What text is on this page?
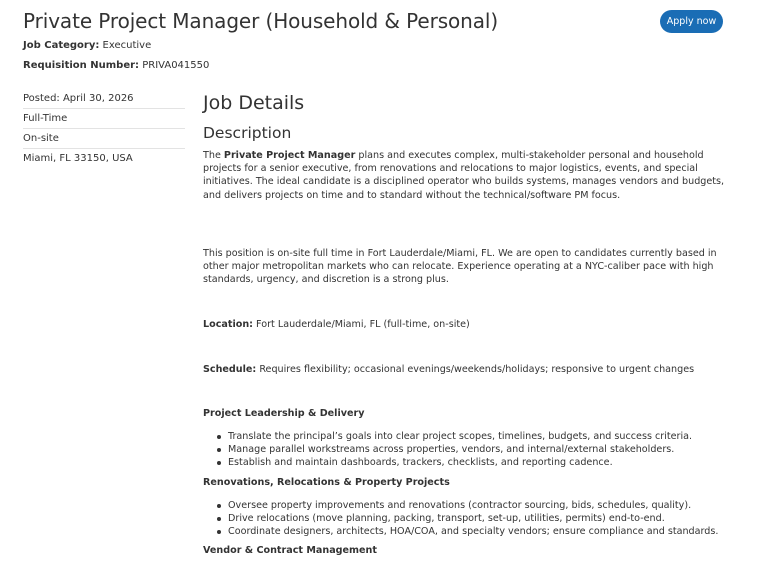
Private Project Manager (Household & Personal)	Apply now
Job Category: Executive
Requisition Number: PRIVA041550
Posted: April 30, 2026
Full-Time
On-site
Miami, FL 33150, USA
Job Details
Description

The Private Project Manager plans and executes complex, multi-stakeholder personal and household projects for a senior executive, from renovations and relocations to major logistics, events, and special initiatives. The ideal candidate is a disciplined operator who builds systems, manages vendors and budgets, and delivers projects on time and to standard without the technical/software PM focus.

This position is on-site full time in Fort Lauderdale/Miami, FL. We are open to candidates currently based in other major metropolitan markets who can relocate. Experience operating at a NYC-caliber pace with high standards, urgency, and discretion is a strong plus.

Location: Fort Lauderdale/Miami, FL (full-time, on-site)

Schedule: Requires flexibility; occasional evenings/weekends/holidays; responsive to urgent changes

Project Leadership & Delivery
Translate the principal’s goals into clear project scopes, timelines, budgets, and success criteria.
Manage parallel workstreams across properties, vendors, and internal/external stakeholders.
Establish and maintain dashboards, trackers, checklists, and reporting cadence.
Renovations, Relocations & Property Projects
Oversee property improvements and renovations (contractor sourcing, bids, schedules, quality).
Drive relocations (move planning, packing, transport, set-up, utilities, permits) end-to-end.
Coordinate designers, architects, HOA/COA, and specialty vendors; ensure compliance and standards.
Vendor & Contract Management
